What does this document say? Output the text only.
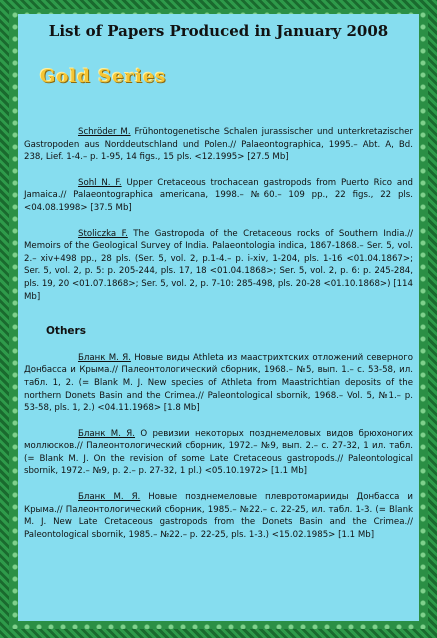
List of Papers Produced in January 2008
Gold Series

Schröder M. Frühontogenetische Schalen jurassischer und unterkretazischer Gastropoden aus Norddeutschland und Polen.// Palaeontographica, 1995.– Abt. A, Bd. 238, Lief. 1-4.– p. 1-95, 14 figs., 15 pls. <12.1995> [27.5 Mb]

Sohl N. F. Upper Cretaceous trochacean gastropods from Puerto Rico and Jamaica.// Palaeontographica americana, 1998.– №60.– 109 pp., 22 figs., 22 pls. <04.08.1998> [37.5 Mb]

Stoliczka F. The Gastropoda of the Cretaceous rocks of Southern India.// Memoirs of the Geological Survey of India. Palaeontologia indica, 1867-1868.– Ser. 5, vol. 2.– xiv+498 pp., 28 pls. (Ser. 5, vol. 2, p.1-4.– p. i-xiv, 1-204, pls. 1-16 <01.04.1867>; Ser. 5, vol. 2, p. 5: p. 205-244, pls. 17, 18 <01.04.1868>; Ser. 5, vol. 2, p. 6: p. 245-284, pls. 19, 20 <01.07.1868>; Ser. 5, vol. 2, p. 7-10: 285-498, pls. 20-28 <01.10.1868>) [114 Mb]

Others

Бланк М. Я. Новые виды Athleta из маастрихтских отложений северного Донбасса и Крыма.// Палеонтологический сборник, 1968.– №5, вып. 1.– с. 53-58, ил. табл. 1, 2. (= Blank M. J. New species of Athleta from Maastrichtian deposits of the northern Donets Basin and the Crimea.// Paleontological sbornik, 1968.– Vol. 5, №1.– p. 53-58, pls. 1, 2.) <04.11.1968> [1.8 Mb]

Бланк М. Я. О ревизии некоторых позднемеловых видов брюхоногих моллюсков.// Палеонтологический сборник, 1972.– №9, вып. 2.– с. 27-32, 1 ил. табл. (= Blank M. J. On the revision of some Late Cretaceous gastropods.// Paleontological sbornik, 1972.– №9, p. 2.– p. 27-32, 1 pl.) <05.10.1972> [1.1 Mb]

Бланк М. Я. Новые позднемеловые плевротомарииды Донбасса и Крыма.// Палеонтологический сборник, 1985.– №22.– с. 22-25, ил. табл. 1-3. (= Blank M. J. New Late Cretaceous gastropods from the Donets Basin and the Crimea.// Paleontological sbornik, 1985.– №22.– p. 22-25, pls. 1-3.) <15.02.1985> [1.1 Mb]
